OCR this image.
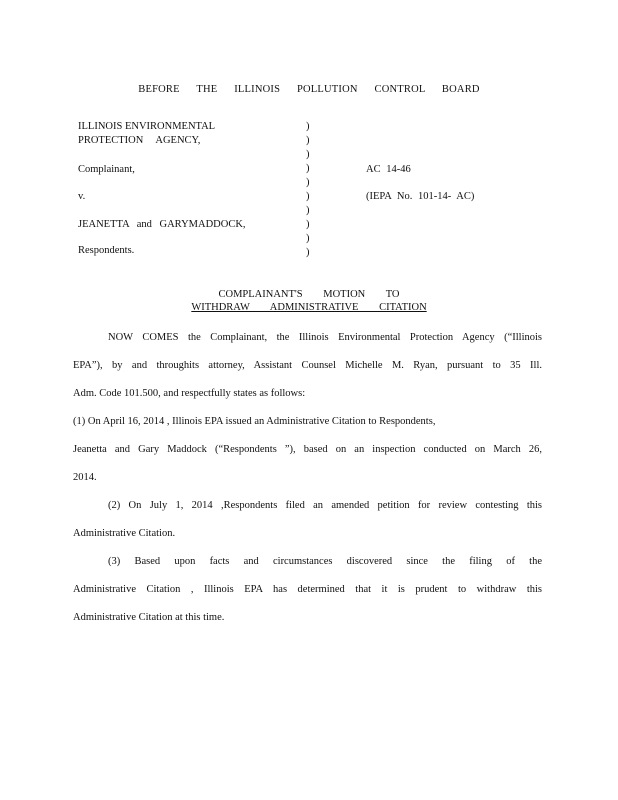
BEFORE THE ILLINOIS POLLUTION CONTROL BOARD
ILLINOIS ENVIRONMENTAL
PROTECTION AGENCY,
Complainant,
v.
JEANETTA and GARYMADDOCK,
Respondents.
)
)
)
)
)
)
)
)
)
)
AC 14-46
(IEPA No. 101-14- AC)
COMPLAINANT'S MOTION TO
WITHDRAW ADMINISTRATIVE CITATION
NOW COMES the Complainant, the Illinois Environmental Protection Agency (“Illinois
EPA”), by and throughits attorney, Assistant Counsel Michelle M. Ryan, pursuant to 35 Ill.
Adm. Code 101.500, and respectfully states as follows:
(1) On April 16, 2014 , Illinois EPA issued an Administrative Citation to Respondents,
Jeanetta and Gary Maddock (“Respondents ”), based on an inspection conducted on March 26,
2014.
(2) On July 1, 2014 ,Respondents filed an amended petition for review contesting this
Administrative Citation.
(3) Based upon facts and circumstances discovered since the filing of the
Administrative Citation , Illinois EPA has determined that it is prudent to withdraw this
Administrative Citation at this time.
